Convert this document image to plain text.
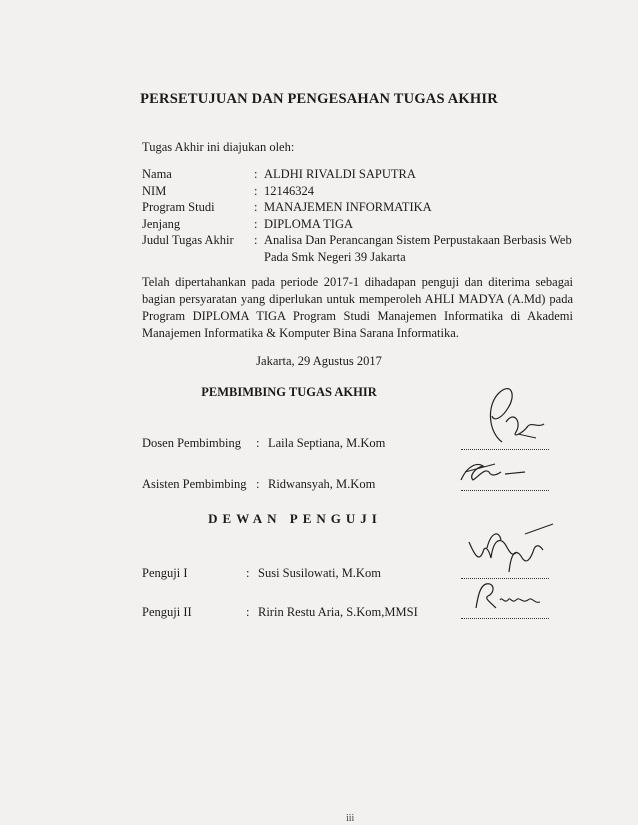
PERSETUJUAN DAN PENGESAHAN TUGAS AKHIR
Tugas Akhir ini diajukan oleh:
Nama	: ALDHI RIVALDI SAPUTRA
NIM	: 12146324
Program Studi	: MANAJEMEN INFORMATIKA
Jenjang	: DIPLOMA TIGA
Judul Tugas Akhir	: Analisa Dan Perancangan Sistem Perpustakaan Berbasis Web Pada Smk Negeri 39 Jakarta
Telah dipertahankan pada periode 2017-1 dihadapan penguji dan diterima sebagai bagian persyaratan yang diperlukan untuk memperoleh AHLI MADYA (A.Md) pada Program DIPLOMA TIGA Program Studi Manajemen Informatika di Akademi Manajemen Informatika & Komputer Bina Sarana Informatika.
Jakarta, 29 Agustus 2017
PEMBIMBING TUGAS AKHIR
Dosen Pembimbing	: Laila Septiana, M.Kom
Asisten Pembimbing : Ridwansyah, M.Kom
DEWAN PENGUJI
Penguji I	: Susi Susilowati, M.Kom
Penguji II	: Ririn Restu Aria, S.Kom,MMSI
iii
